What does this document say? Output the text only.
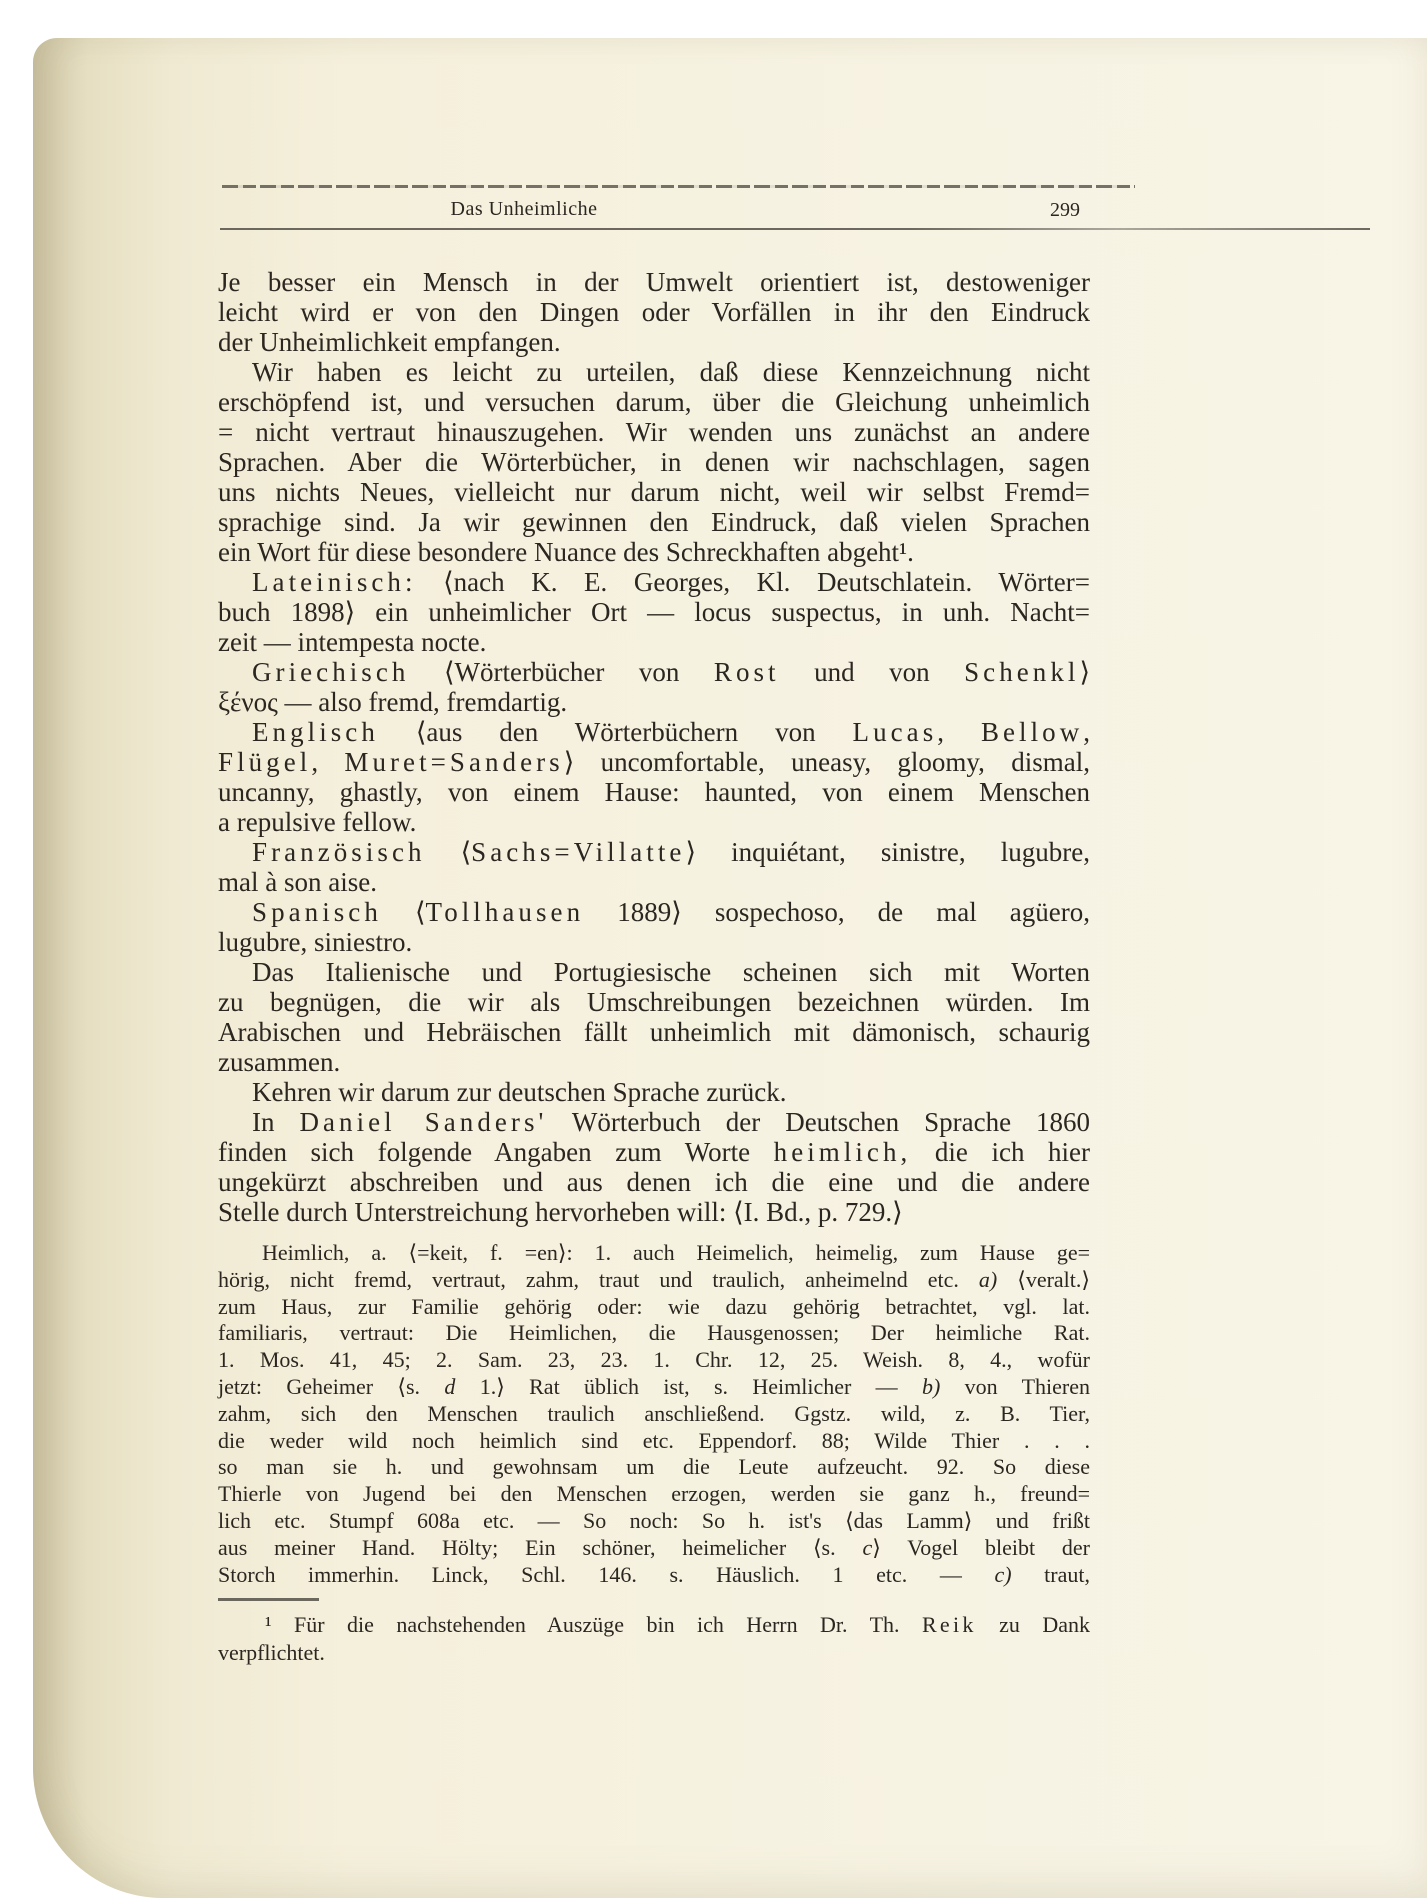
Das Unheimliche	299
Je besser ein Mensch in der Umwelt orientiert ist, destoweniger
leicht wird er von den Dingen oder Vorfällen in ihr den Eindruck
der Unheimlichkeit empfangen.
Wir haben es leicht zu urteilen, daß diese Kennzeichnung nicht
erschöpfend ist, und versuchen darum, über die Gleichung unheimlich
= nicht vertraut hinauszugehen. Wir wenden uns zunächst an andere
Sprachen. Aber die Wörterbücher, in denen wir nachschlagen, sagen
uns nichts Neues, vielleicht nur darum nicht, weil wir selbst Fremd=
sprachige sind. Ja wir gewinnen den Eindruck, daß vielen Sprachen
ein Wort für diese besondere Nuance des Schreckhaften abgeht¹.
Lateinisch: ⟨nach K. E. Georges, Kl. Deutschlatein. Wörter=
buch 1898⟩ ein unheimlicher Ort — locus suspectus, in unh. Nacht=
zeit — intempesta nocte.
Griechisch ⟨Wörterbücher von Rost und von Schenkl⟩
ξένος — also fremd, fremdartig.
Englisch ⟨aus den Wörterbüchern von Lucas, Bellow,
Flügel, Muret=Sanders⟩ uncomfortable, uneasy, gloomy, dismal,
uncanny, ghastly, von einem Hause: haunted, von einem Menschen
a repulsive fellow.
Französisch ⟨Sachs=Villatte⟩ inquiétant, sinistre, lugubre,
mal à son aise.
Spanisch ⟨Tollhausen 1889⟩ sospechoso, de mal agüero,
lugubre, siniestro.
Das Italienische und Portugiesische scheinen sich mit Worten
zu begnügen, die wir als Umschreibungen bezeichnen würden. Im
Arabischen und Hebräischen fällt unheimlich mit dämonisch, schaurig
zusammen.
Kehren wir darum zur deutschen Sprache zurück.
In Daniel Sanders' Wörterbuch der Deutschen Sprache 1860
finden sich folgende Angaben zum Worte heimlich, die ich hier
ungekürzt abschreiben und aus denen ich die eine und die andere
Stelle durch Unterstreichung hervorheben will: ⟨I. Bd., p. 729.⟩
Heimlich, a. ⟨=keit, f. =en⟩: 1. auch Heimelich, heimelig, zum Hause ge=
hörig, nicht fremd, vertraut, zahm, traut und traulich, anheimelnd etc. a) ⟨veralt.⟩
zum Haus, zur Familie gehörig oder: wie dazu gehörig betrachtet, vgl. lat.
familiaris, vertraut: Die Heimlichen, die Hausgenossen; Der heimliche Rat.
1. Mos. 41, 45; 2. Sam. 23, 23. 1. Chr. 12, 25. Weish. 8, 4., wofür
jetzt: Geheimer ⟨s. d 1.⟩ Rat üblich ist, s. Heimlicher — b) von Thieren
zahm, sich den Menschen traulich anschließend. Ggstz. wild, z. B. Tier,
die weder wild noch heimlich sind etc. Eppendorf. 88; Wilde Thier . . .
so man sie h. und gewohnsam um die Leute aufzeucht. 92. So diese
Thierle von Jugend bei den Menschen erzogen, werden sie ganz h., freund=
lich etc. Stumpf 608a etc. — So noch: So h. ist's ⟨das Lamm⟩ und frißt
aus meiner Hand. Hölty; Ein schöner, heimelicher ⟨s. c⟩ Vogel bleibt der
Storch immerhin. Linck, Schl. 146. s. Häuslich. 1 etc. — c) traut,
¹ Für die nachstehenden Auszüge bin ich Herrn Dr. Th. Reik zu Dank
verpflichtet.
